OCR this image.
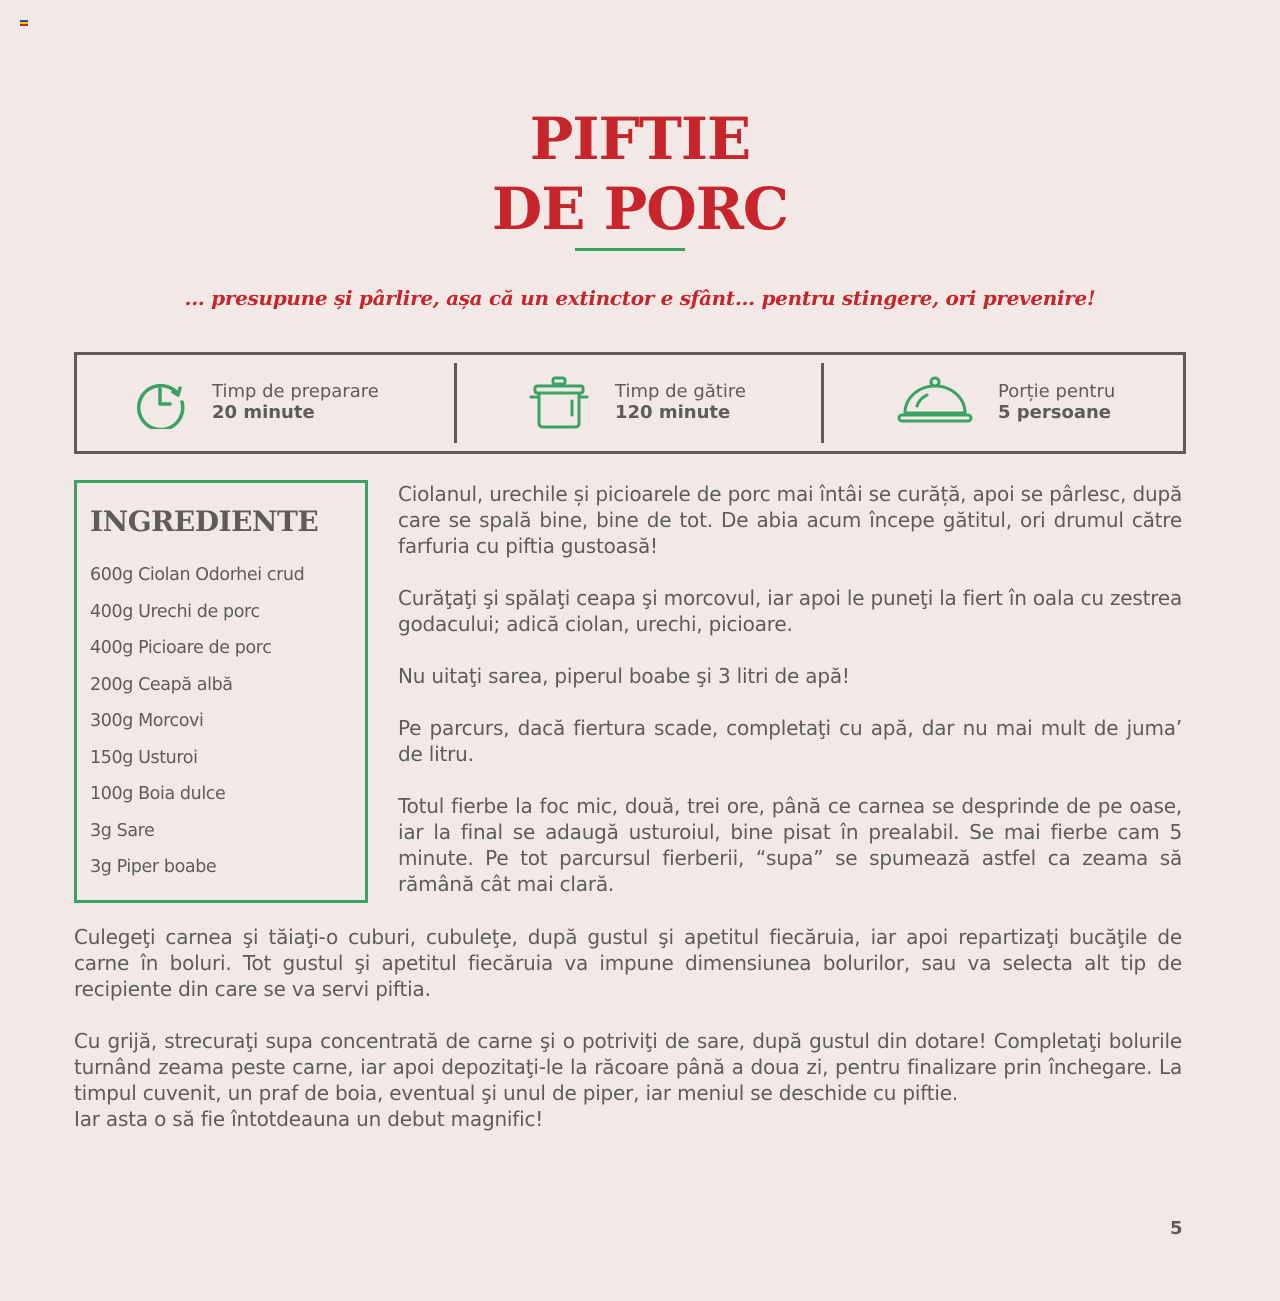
PIFTIE
DE PORC
... presupune și pârlire, așa că un extinctor e sfânt... pentru stingere, ori prevenire!
Timp de preparare
20 minute
Timp de gătire
120 minute
Porție pentru
5 persoane
INGREDIENTE
600g Ciolan Odorhei crud
400g Urechi de porc
400g Picioare de porc
200g Ceapă albă
300g Morcovi
150g Usturoi
100g Boia dulce
3g Sare
3g Piper boabe

Ciolanul, urechile și picioarele de porc mai întâi se curăță, apoi se pârlesc, după care se spală bine, bine de tot. De abia acum începe gătitul, ori drumul către farfuria cu piftia gustoasă!

Curăţaţi şi spălaţi ceapa şi morcovul, iar apoi le puneţi la fiert în oala cu zestrea godacului; adică ciolan, urechi, picioare.

Nu uitaţi sarea, piperul boabe şi 3 litri de apă!

Pe parcurs, dacă fiertura scade, completaţi cu apă, dar nu mai mult de juma’ de litru.

Totul fierbe la foc mic, două, trei ore, până ce carnea se desprinde de pe oase, iar la final se adaugă usturoiul, bine pisat în prealabil. Se mai fierbe cam 5 minute. Pe tot parcursul fierberii, “supa” se spumează astfel ca zeama să rămână cât mai clară.

Culegeţi carnea şi tăiaţi-o cuburi, cubuleţe, după gustul şi apetitul fiecăruia, iar apoi repartizaţi bucăţile de carne în boluri. Tot gustul şi apetitul fiecăruia va impune dimensiunea bolurilor, sau va selecta alt tip de recipiente din care se va servi piftia.

Cu grijă, strecuraţi supa concentrată de carne şi o potriviţi de sare, după gustul din dotare! Completaţi bolurile turnând zeama peste carne, iar apoi depozitaţi-le la răcoare până a doua zi, pentru finalizare prin închegare. La timpul cuvenit, un praf de boia, eventual şi unul de piper, iar meniul se deschide cu piftie.

Iar asta o să fie întotdeauna un debut magnific!

5
